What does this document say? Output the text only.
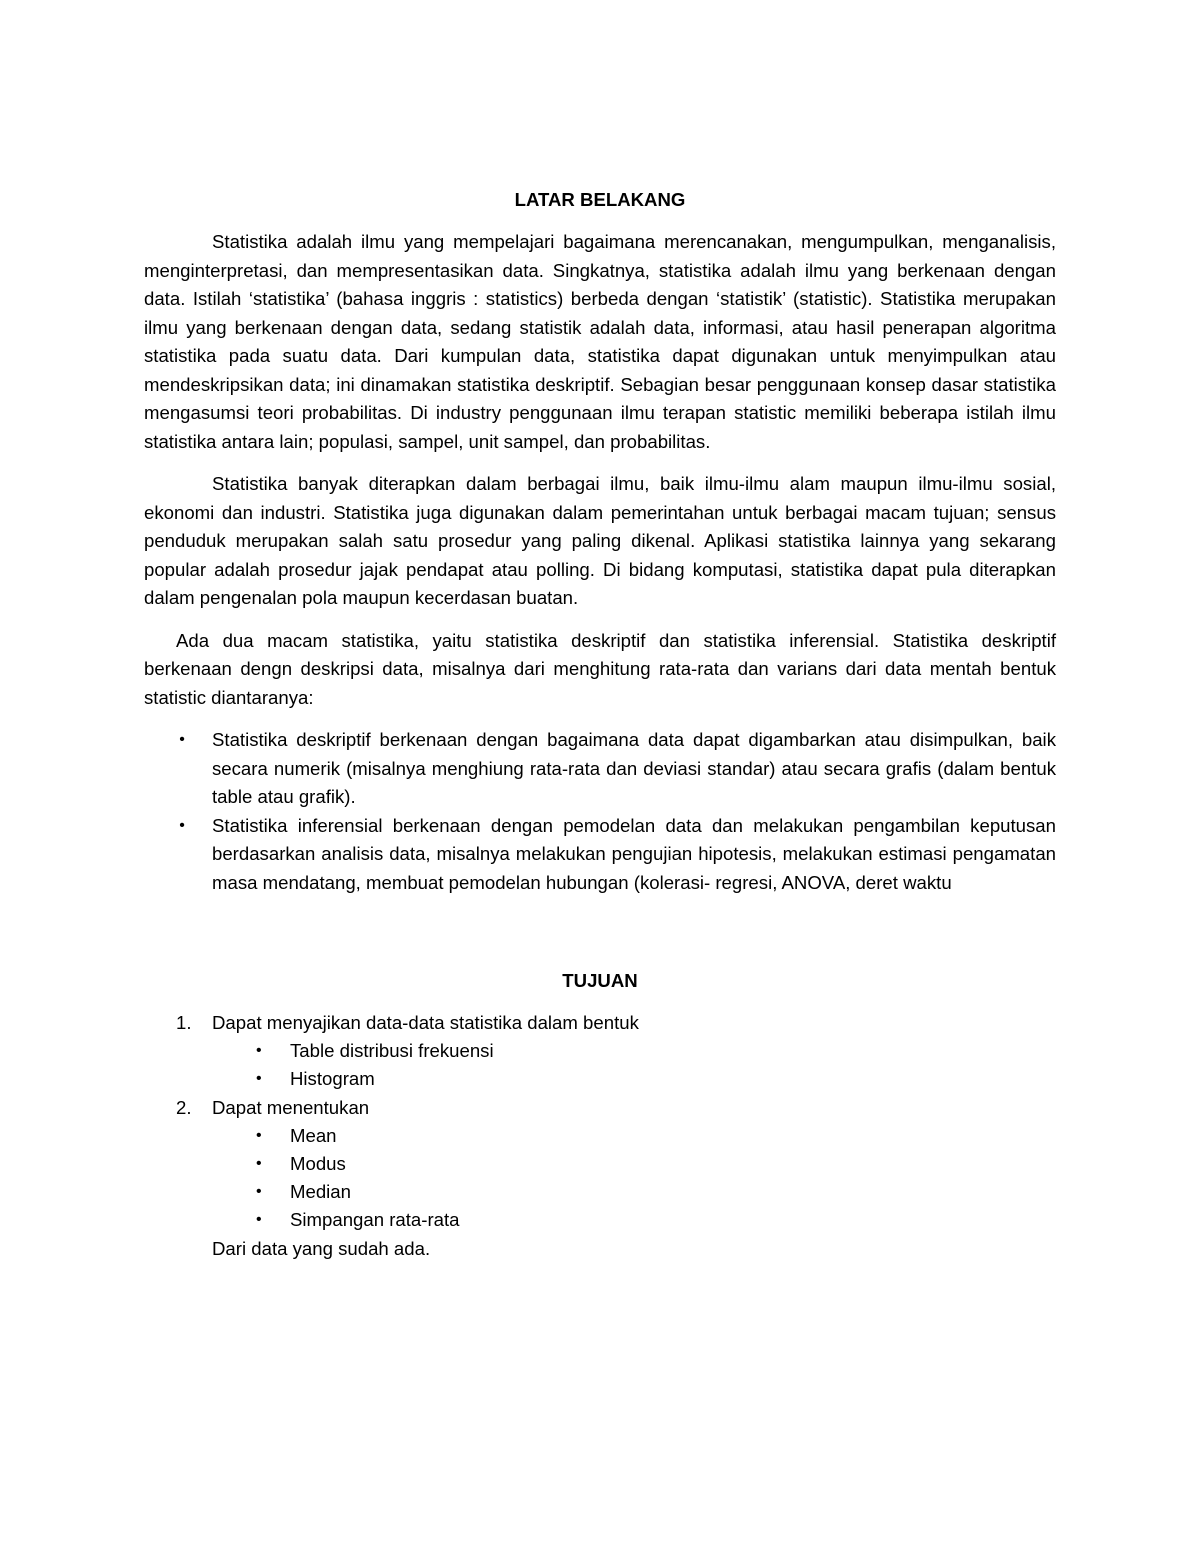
LATAR BELAKANG

Statistika adalah ilmu yang mempelajari bagaimana merencanakan, mengumpulkan, menganalisis, menginterpretasi, dan mempresentasikan data. Singkatnya, statistika adalah ilmu yang berkenaan dengan data. Istilah ‘statistika’ (bahasa inggris : statistics) berbeda dengan ‘statistik’ (statistic). Statistika merupakan ilmu yang berkenaan dengan data, sedang statistik adalah data, informasi, atau hasil penerapan algoritma statistika pada suatu data. Dari kumpulan data, statistika dapat digunakan untuk menyimpulkan atau mendeskripsikan data; ini dinamakan statistika deskriptif. Sebagian besar penggunaan konsep dasar statistika mengasumsi teori probabilitas. Di industry penggunaan ilmu terapan statistic memiliki beberapa istilah ilmu statistika antara lain; populasi, sampel, unit sampel, dan probabilitas.

Statistika banyak diterapkan dalam berbagai ilmu, baik ilmu-ilmu alam maupun ilmu-ilmu sosial, ekonomi dan industri. Statistika juga digunakan dalam pemerintahan untuk berbagai macam tujuan; sensus penduduk merupakan salah satu prosedur yang paling dikenal. Aplikasi statistika lainnya yang sekarang popular adalah prosedur jajak pendapat atau polling. Di bidang komputasi, statistika dapat pula diterapkan dalam pengenalan pola maupun kecerdasan buatan.

Ada dua macam statistika, yaitu statistika deskriptif dan statistika inferensial. Statistika deskriptif berkenaan dengn deskripsi data, misalnya dari menghitung rata-rata dan varians dari data mentah bentuk statistic diantaranya:

• Statistika deskriptif berkenaan dengan bagaimana data dapat digambarkan atau disimpulkan, baik secara numerik (misalnya menghiung rata-rata dan deviasi standar) atau secara grafis (dalam bentuk table atau grafik).
• Statistika inferensial berkenaan dengan pemodelan data dan melakukan pengambilan keputusan berdasarkan analisis data, misalnya melakukan pengujian hipotesis, melakukan estimasi pengamatan masa mendatang, membuat pemodelan hubungan (kolerasi- regresi, ANOVA, deret waktu
TUJUAN
1. Dapat menyajikan data-data statistika dalam bentuk
• Table distribusi frekuensi
• Histogram
2. Dapat menentukan
• Mean
• Modus
• Median
• Simpangan rata-rata

Dari data yang sudah ada.
